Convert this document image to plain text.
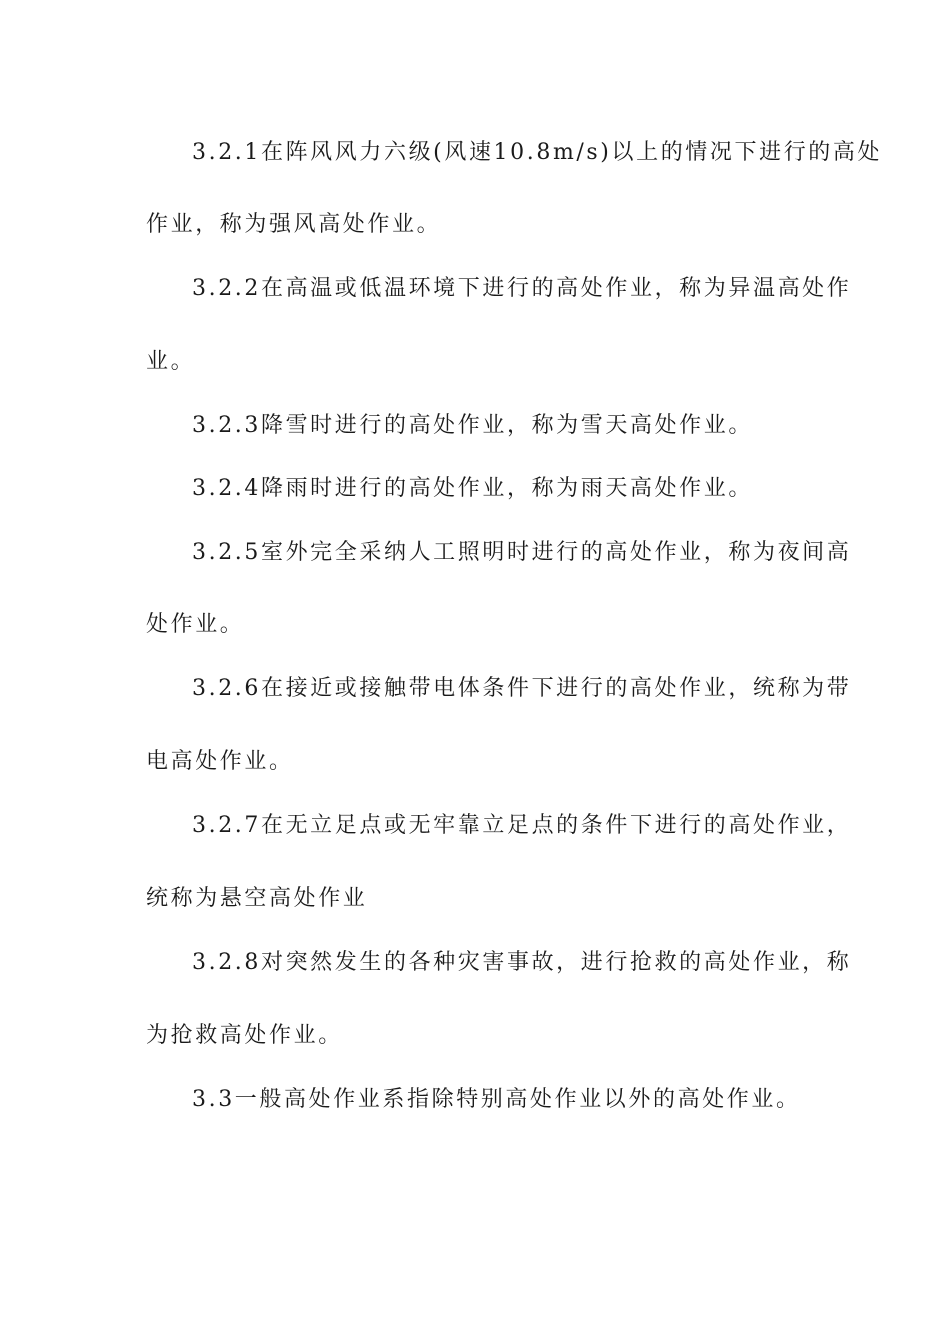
3.2.1在阵风风力六级(风速10.8m/s)以上的情况下进行的高处

作业，称为强风高处作业。

3.2.2在高温或低温环境下进行的高处作业，称为异温高处作

业。

3.2.3降雪时进行的高处作业，称为雪天高处作业。

3.2.4降雨时进行的高处作业，称为雨天高处作业。

3.2.5室外完全采纳人工照明时进行的高处作业，称为夜间高

处作业。

3.2.6在接近或接触带电体条件下进行的高处作业，统称为带

电高处作业。

3.2.7在无立足点或无牢靠立足点的条件下进行的高处作业，

统称为悬空高处作业

3.2.8对突然发生的各种灾害事故，进行抢救的高处作业，称

为抢救高处作业。

3.3一般高处作业系指除特别高处作业以外的高处作业。
